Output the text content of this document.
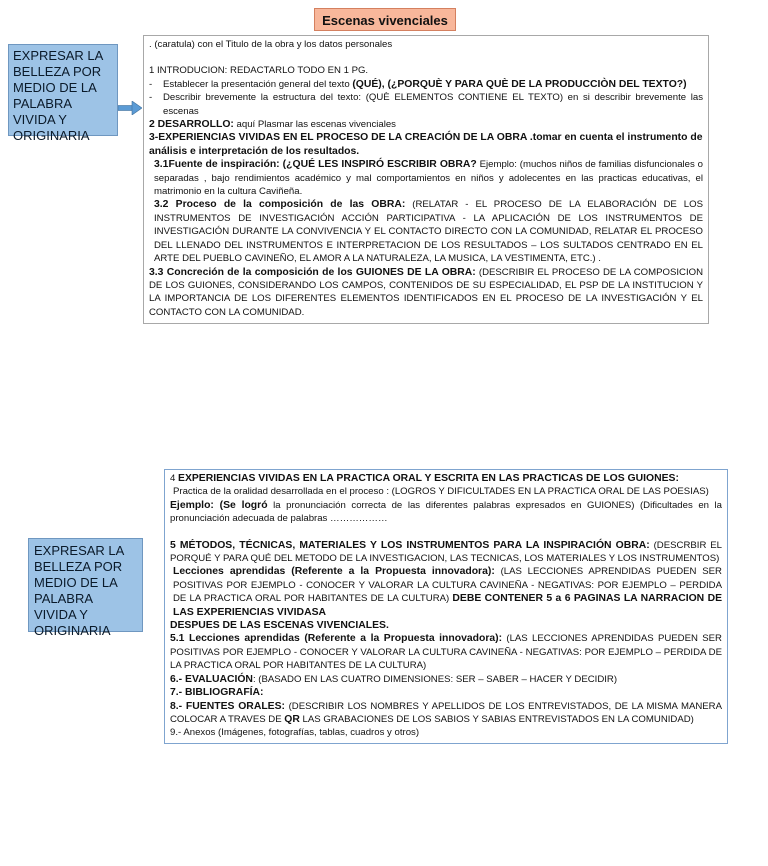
Escenas vivenciales
EXPRESAR LA BELLEZA POR MEDIO DE LA PALABRA VIVIDA Y ORIGINARIA

. (caratula) con el Titulo de la obra y los datos personales

1 INTRODUCION: REDACTARLO TODO EN 1 PG.

-	Establecer la presentación general del texto (QUÉ), (¿PORQUÈ Y PARA QUÈ DE LA PRODUCCIÒN DEL TEXTO?)
-	Describir brevemente la estructura del texto: (QUÈ ELEMENTOS CONTIENE EL TEXTO) en si describir brevemente las escenas

2 DESARROLLO: aquí Plasmar las escenas vivenciales

3-EXPERIENCIAS VIVIDAS EN EL PROCESO DE LA CREACIÓN DE LA OBRA .tomar en cuenta el instrumento de análisis e interpretación de los resultados.

3.1Fuente de inspiración: (¿QUÉ LES INSPIRÓ ESCRIBIR OBRA? Ejemplo: (muchos niños de familias disfuncionales o separadas , bajo rendimientos académico y mal comportamientos en niños y adolecentes en las practicas educativas, el matrimonio en la cultura Caviñeña.

3.2 Proceso de la composición de las OBRA: (RELATAR - EL PROCESO DE LA ELABORACIÓN DE LOS INSTRUMENTOS DE INVESTIGACIÓN ACCIÓN PARTICIPATIVA - LA APLICACIÓN DE LOS INSTRUMENTOS DE INVESTIGACIÓN DURANTE LA CONVIVENCIA Y EL CONTACTO DIRECTO CON LA COMUNIDAD, RELATAR EL PROCESO DEL LLENADO DEL INSTRUMENTOS E INTERPRETACION DE LOS RESULTADOS – LOS SULTADOS CENTRADO EN EL ARTE DEL PUEBLO CAVINEÑO, EL AMOR A LA NATURALEZA, LA MUSICA, LA VESTIMENTA, ETC.) .

3.3 Concreción de la composición de los GUIONES DE LA OBRA: (DESCRIBIR EL PROCESO DE LA COMPOSICION DE LOS GUIONES, CONSIDERANDO LOS CAMPOS, CONTENIDOS DE SU ESPECIALIDAD, EL PSP DE LA INSTITUCION Y LA IMPORTANCIA DE LOS DIFERENTES ELEMENTOS IDENTIFICADOS EN EL PROCESO DE LA INVESTIGACIÓN Y EL CONTACTO CON LA COMUNIDAD.

EXPRESAR LA BELLEZA POR MEDIO DE LA PALABRA VIVIDA Y ORIGINARIA

4 EXPERIENCIAS VIVIDAS EN LA PRACTICA ORAL Y ESCRITA EN LAS PRACTICAS DE LOS GUIONES:

Practica de la oralidad desarrollada en el proceso : (LOGROS Y DIFICULTADES EN LA PRACTICA ORAL DE LAS POESIAS)

Ejemplo: (Se logró la pronunciación correcta de las diferentes palabras expresados en GUIONES) (Dificultades en la pronunciación adecuada de palabras ………………

5 MÉTODOS, TÉCNICAS, MATERIALES Y LOS INSTRUMENTOS PARA LA INSPIRACIÓN OBRA: (DESCRBIR EL PORQUÉ Y PARA QUÉ DEL METODO DE LA INVESTIGACION, LAS TECNICAS, LOS MATERIALES Y LOS INSTRUMENTOS)

Lecciones aprendidas (Referente a la Propuesta innovadora): (LAS LECCIONES APRENDIDAS PUEDEN SER POSITIVAS POR EJEMPLO - CONOCER Y VALORAR LA CULTURA CAVINEÑA - NEGATIVAS: POR EJEMPLO – PERDIDA DE LA PRACTICA ORAL POR HABITANTES DE LA CULTURA) DEBE CONTENER 5 a 6 PAGINAS LA NARRACION DE LAS EXPERIENCIAS VIVIDASA

DESPUES DE LAS ESCENAS VIVENCIALES.

5.1 Lecciones aprendidas (Referente a la Propuesta innovadora): (LAS LECCIONES APRENDIDAS PUEDEN SER POSITIVAS POR EJEMPLO - CONOCER Y VALORAR LA CULTURA CAVINEÑA - NEGATIVAS: POR EJEMPLO – PERDIDA DE LA PRACTICA ORAL POR HABITANTES DE LA CULTURA)

6.- EVALUACIÓN: (BASADO EN LAS CUATRO DIMENSIONES: SER – SABER – HACER Y DECIDIR)

7.- BIBLIOGRAFÍA:

8.- FUENTES ORALES: (DESCRIBIR LOS NOMBRES Y APELLIDOS DE LOS ENTREVISTADOS, DE LA MISMA MANERA COLOCAR A TRAVES DE QR LAS GRABACIONES DE LOS SABIOS Y SABIAS ENTREVISTADOS EN LA COMUNIDAD)

9.- Anexos (Imágenes, fotografías, tablas, cuadros y otros)
